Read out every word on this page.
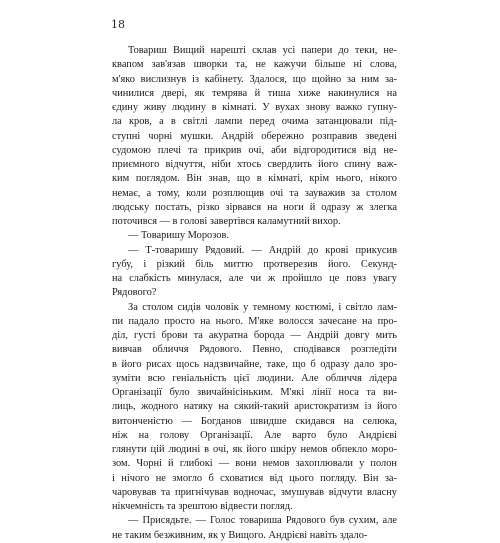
18

Товариш Вищий нарешті склав усі папери до теки, не-
квапом зав'язав шворки та, не кажучи більше ні слова,
м'яко вислизнув із кабінету. Здалося, що щойно за ним за-
чинилися двері, як темрява й тиша хиже накинулися на
єдину живу людину в кімнаті. У вухах знову важко гупну-
ла кров, а в світлі лампи перед очима затанцювали під-
ступні чорні мушки. Андрій обережно розправив зведені
судомою плечі та прикрив очі, аби відгородитися від не-
приємного відчуття, ніби хтось свердлить його спину важ-
ким поглядом. Він знав, що в кімнаті, крім нього, нікого
немає, а тому, коли розплющив очі та зауважив за столом
людську постать, різко зірвався на ноги й одразу ж злегка
поточився — в голові завертівся каламутний вихор.
— Товаришу Морозов.
— Т-товаришу Рядовий. — Андрій до крові прикусив
губу, і різкий біль миттю протверезив його. Секунд-
на слабкість минулася, але чи ж пройшло це повз увагу
Рядового?
За столом сидів чоловік у темному костюмі, і світло лам-
пи падало просто на нього. М'яке волосся зачесане на про-
діл, густі брови та акуратна борода — Андрій довгу мить
вивчав обличчя Рядового. Певно, сподівався розгледіти
в його рисах щось надзвичайне, таке, що б одразу дало зро-
зуміти всю геніальність цієї людини. Але обличчя лідера
Організації було звичайнісіньким. М'які лінії носа та ви-
лиць, жодного натяку на сякий-такий аристократизм із його
витонченістю — Богданов швидше скидався на селюка,
ніж на голову Організації. Але варто було Андрієві
глянути цій людині в очі, як його шкіру немов обпекло моро-
зом. Чорні й глибокі — вони немов захоплювали у полон
і нічого не змогло б сховатися від цього погляду. Він за-
чаровував та пригнічував водночас, змушував відчути власну
нікчемність та зрештою відвести погляд.
— Присядьте. — Голос товариша Рядового був сухим, але
не таким безживним, як у Вищого. Андрієві навіть здало-
